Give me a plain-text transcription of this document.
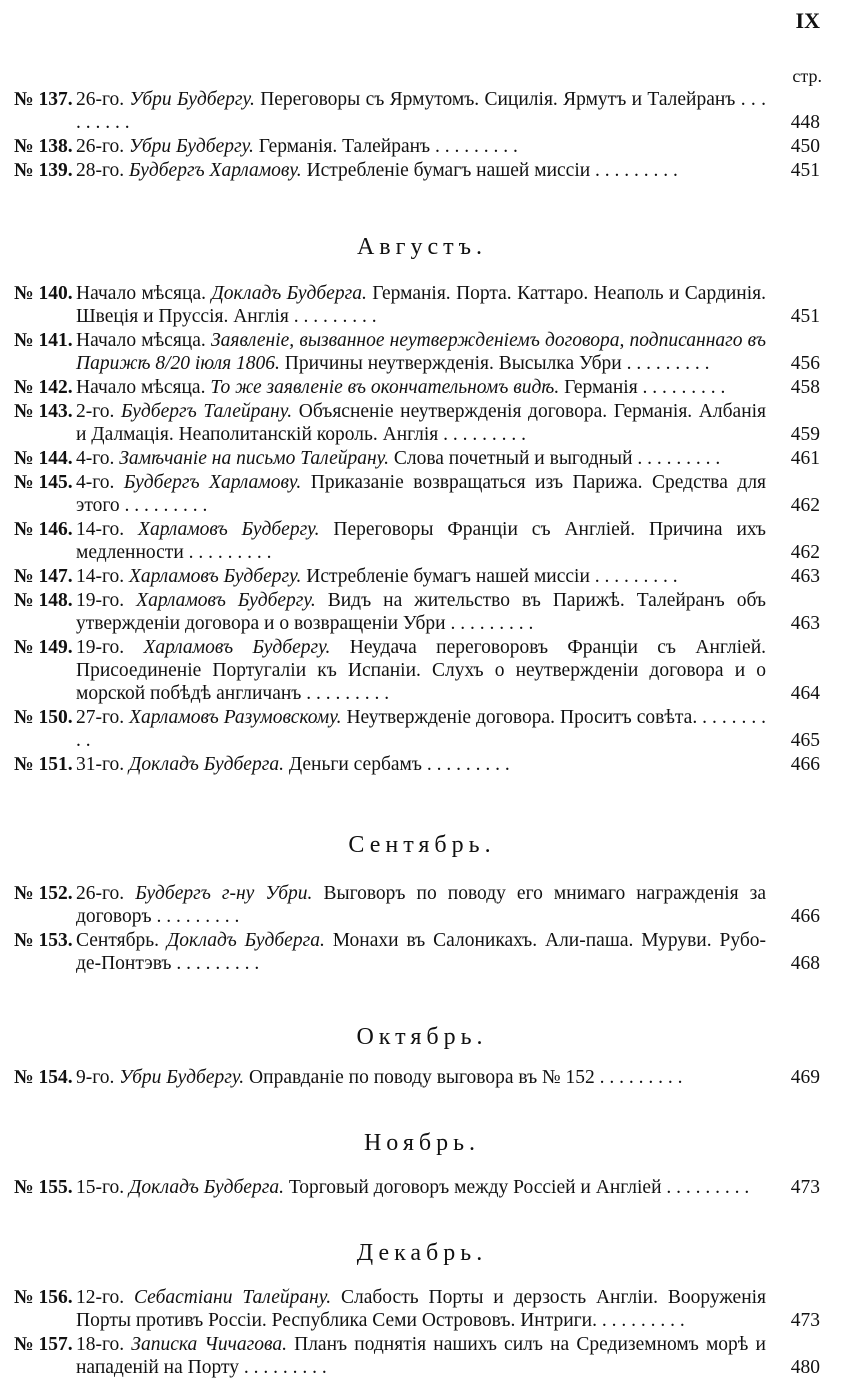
IX
стр.
№ 137. 26-го. Убри Будбергу. Переговоры съ Ярмутомъ. Сицилія. Ярмутъ и Талейранъ . . . . . . . . .	448
№ 138. 26-го. Убри Будбергу. Германія. Талейранъ . . . . . . . . .	450
№ 139. 28-го. Будбергъ Харламову. Истребленіе бумагъ нашей миссіи . . . . . . . . .	451
Августъ.
№ 140. Начало мѣсяца. Докладъ Будберга. Германія. Порта. Каттаро. Неаполь и Сардинія. Швеція и Пруссія. Англія . . . . . . . . .	451
№ 141. Начало мѣсяца. Заявленіе, вызванное неутвержденіемъ договора, подписаннаго въ Парижѣ 8/20 іюля 1806. Причины неутвержденія. Высылка Убри . . . . . . . . .	456
№ 142. Начало мѣсяца. То же заявленіе въ окончательномъ видѣ. Германія . . . . . . . . .	458
№ 143. 2-го. Будбергъ Талейрану. Объясненіе неутвержденія договора. Германія. Албанія и Далмація. Неаполитанскій король. Англія . . . . . . . . .	459
№ 144. 4-го. Замѣчаніе на письмо Талейрану. Слова почетный и выгодный . . . . . . . . .	461
№ 145. 4-го. Будбергъ Харламову. Приказаніе возвращаться изъ Парижа. Средства для этого . . . . . . . . .	462
№ 146. 14-го. Харламовъ Будбергу. Переговоры Франціи съ Англіей. Причина ихъ медленности . . . . . . . . .	462
№ 147. 14-го. Харламовъ Будбергу. Истребленіе бумагъ нашей миссіи . . . . . . . . .	463
№ 148. 19-го. Харламовъ Будбергу. Видъ на жительство въ Парижѣ. Талейранъ объ утвержденіи договора и о возвращеніи Убри . . . . . . . . .	463
№ 149. 19-го. Харламовъ Будбергу. Неудача переговоровъ Франціи съ Англіей. Присоединеніе Португаліи къ Испаніи. Слухъ о неутвержденіи договора и о морской побѣдѣ англичанъ . . . . . . . . .	464
№ 150. 27-го. Харламовъ Разумовскому. Неутвержденіе договора. Проситъ совѣта. . . . . . . . . .	465
№ 151. 31-го. Докладъ Будберга. Деньги сербамъ . . . . . . . . .	466
Сентябрь.
№ 152. 26-го. Будбергъ г-ну Убри. Выговоръ по поводу его мнимаго награжденія за договоръ . . . . . . . . .	466
№ 153. Сентябрь. Докладъ Будберга. Монахи въ Салоникахъ. Али-паша. Муруви. Рубо-де-Понтэвъ . . . . . . . . .	468
Октябрь.
№ 154. 9-го. Убри Будбергу. Оправданіе по поводу выговора въ № 152 . . . . . . . . .	469
Ноябрь.
№ 155. 15-го. Докладъ Будберга. Торговый договоръ между Россіей и Англіей . . . . . . . . .	473
Декабрь.
№ 156. 12-го. Себастіани Талейрану. Слабость Порты и дерзость Англіи. Вооруженія Порты противъ Россіи. Республика Семи Острововъ. Интриги. . . . . . . . . .	473
№ 157. 18-го. Записка Чичагова. Планъ поднятія нашихъ силъ на Средиземномъ морѣ и нападеній на Порту . . . . . . . . .	480
